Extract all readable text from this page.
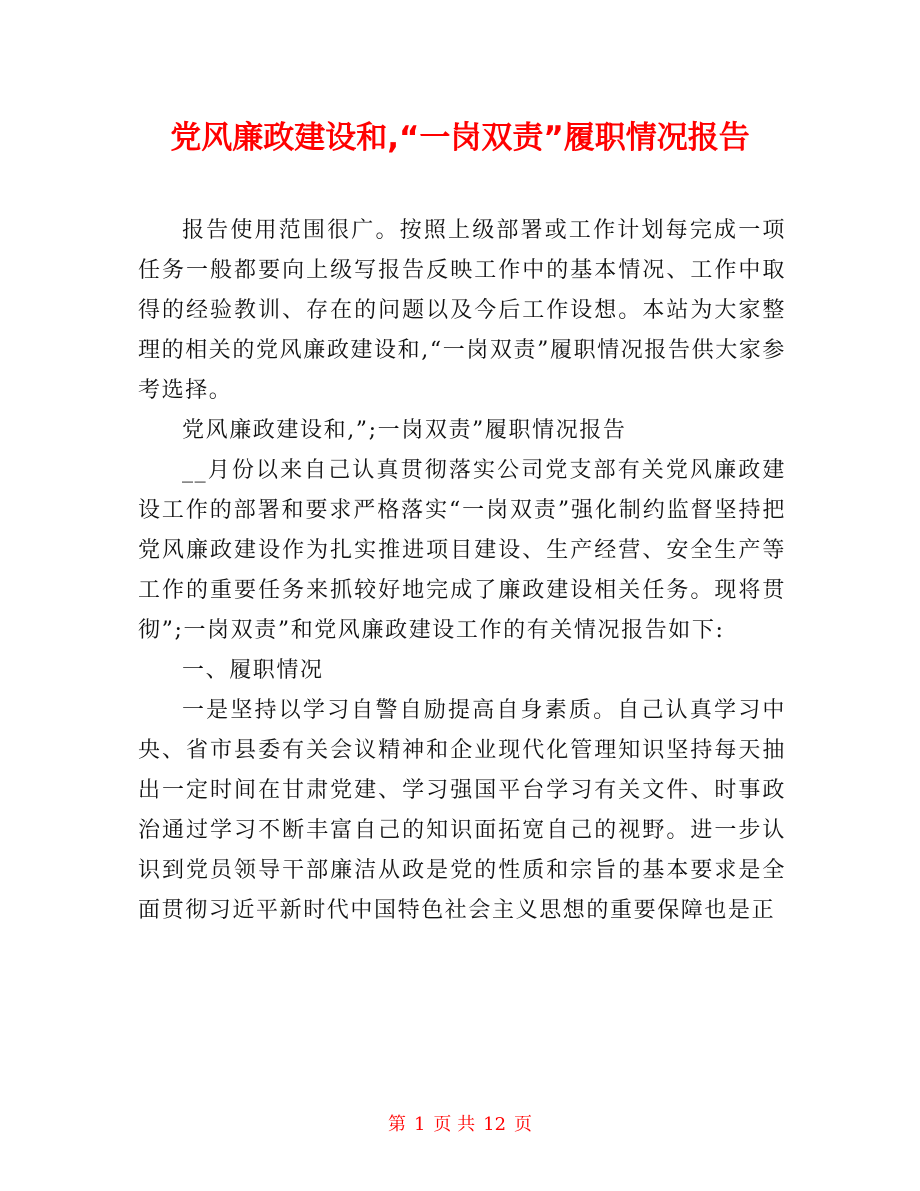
党风廉政建设和,“一岗双责”履职情况报告

报告使用范围很广。按照上级部署或工作计划每完成一项任务一般都要向上级写报告反映工作中的基本情况、工作中取得的经验教训、存在的问题以及今后工作设想。本站为大家整理的相关的党风廉政建设和,“一岗双责”履职情况报告供大家参考选择。

党风廉政建设和,”;一岗双责”履职情况报告

__月份以来自己认真贯彻落实公司党支部有关党风廉政建设工作的部署和要求严格落实“一岗双责”强化制约监督坚持把党风廉政建设作为扎实推进项目建设、生产经营、安全生产等工作的重要任务来抓较好地完成了廉政建设相关任务。现将贯彻”;一岗双责”和党风廉政建设工作的有关情况报告如下:

一、履职情况

一是坚持以学习自警自励提高自身素质。自己认真学习中央、省市县委有关会议精神和企业现代化管理知识坚持每天抽出一定时间在甘肃党建、学习强国平台学习有关文件、时事政治通过学习不断丰富自己的知识面拓宽自己的视野。进一步认识到党员领导干部廉洁从政是党的性质和宗旨的基本要求是全面贯彻习近平新时代中国特色社会主义思想的重要保障也是正

第 1 页 共 12 页
